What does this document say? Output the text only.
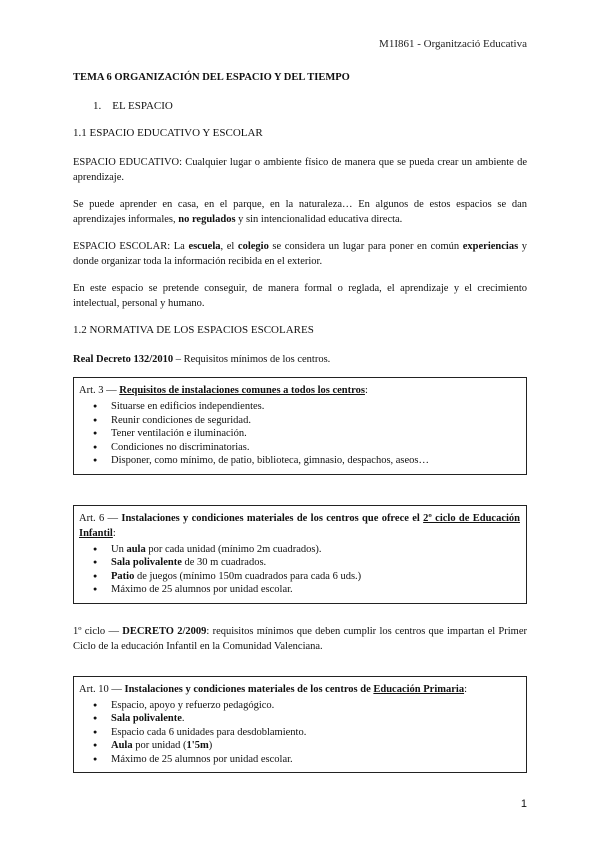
M1I861 - Organització Educativa
TEMA 6 ORGANIZACIÓN DEL ESPACIO Y DEL TIEMPO
1. EL ESPACIO
1.1 ESPACIO EDUCATIVO Y ESCOLAR

ESPACIO EDUCATIVO: Cualquier lugar o ambiente físico de manera que se pueda crear un ambiente de aprendizaje.

Se puede aprender en casa, en el parque, en la naturaleza… En algunos de estos espacios se dan aprendizajes informales, no regulados y sin intencionalidad educativa directa.

ESPACIO ESCOLAR: La escuela, el colegio se considera un lugar para poner en común experiencias y donde organizar toda la información recibida en el exterior.

En este espacio se pretende conseguir, de manera formal o reglada, el aprendizaje y el crecimiento intelectual, personal y humano.

1.2 NORMATIVA DE LOS ESPACIOS ESCOLARES

Real Decreto 132/2010 – Requisitos mínimos de los centros.

Art. 3 — Requisitos de instalaciones comunes a todos los centros:
● Situarse en edificios independientes.
● Reunir condiciones de seguridad.
● Tener ventilación e iluminación.
● Condiciones no discriminatorias.
● Disponer, como mínimo, de patio, biblioteca, gimnasio, despachos, aseos…
Art. 6 — Instalaciones y condiciones materiales de los centros que ofrece el 2º ciclo de Educación Infantil:
● Un aula por cada unidad (mínimo 2m cuadrados).
● Sala polivalente de 30 m cuadrados.
● Patio de juegos (mínimo 150m cuadrados para cada 6 uds.)
● Máximo de 25 alumnos por unidad escolar.

1º ciclo — DECRETO 2/2009: requisitos mínimos que deben cumplir los centros que impartan el Primer Ciclo de la educación Infantil en la Comunidad Valenciana.

Art. 10 — Instalaciones y condiciones materiales de los centros de Educación Primaria:
● Espacio, apoyo y refuerzo pedagógico.
● Sala polivalente.
● Espacio cada 6 unidades para desdoblamiento.
● Aula por unidad (1'5m)
● Máximo de 25 alumnos por unidad escolar.
1
